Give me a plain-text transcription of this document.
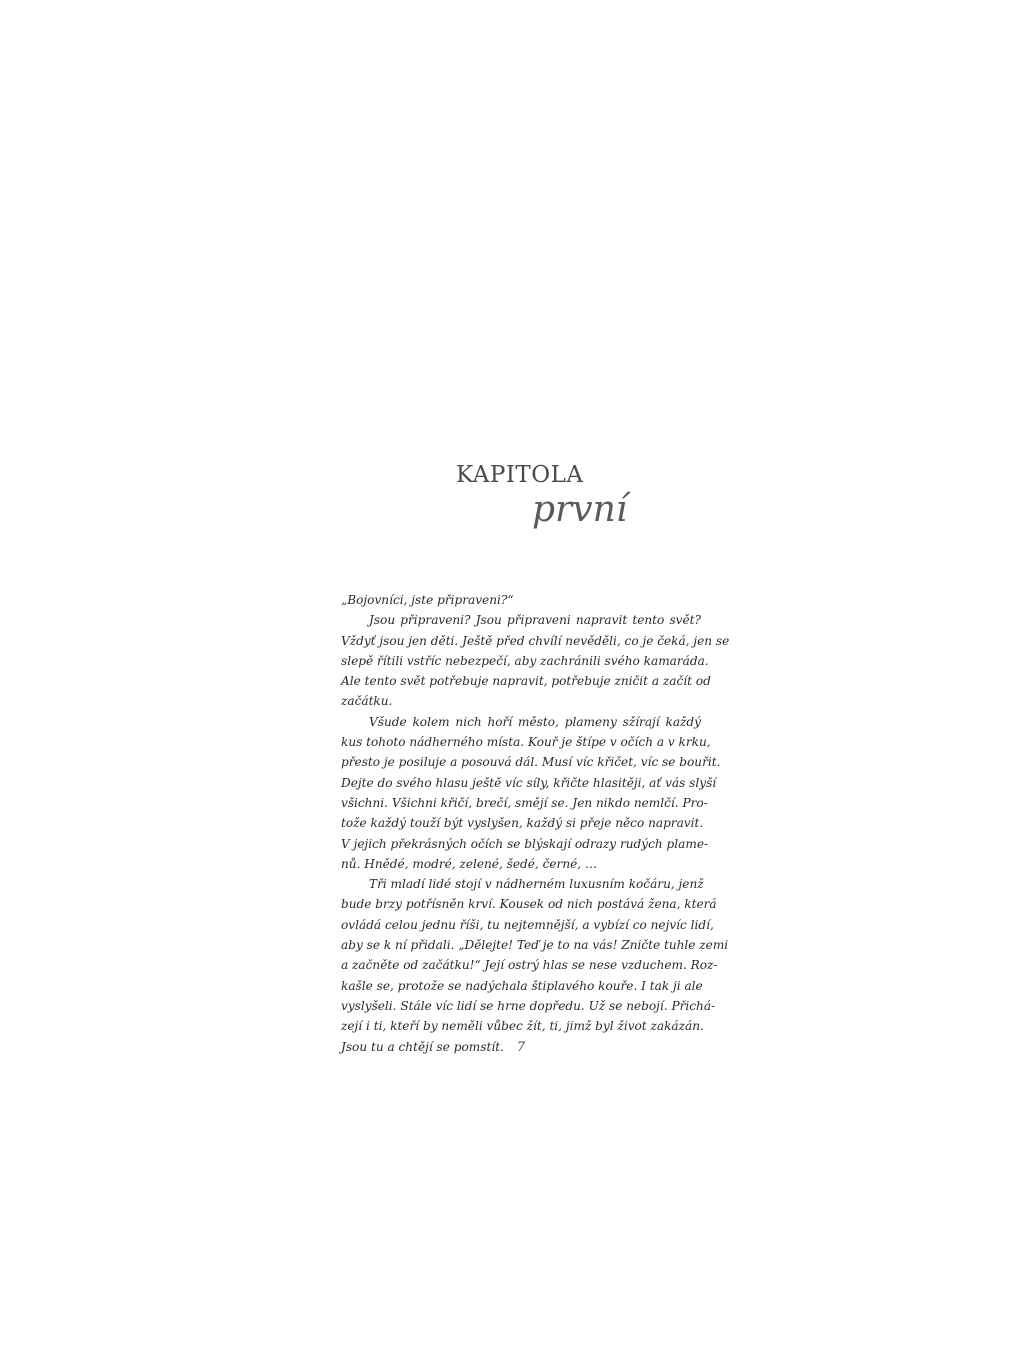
KAPITOLA
první
„Bojovníci, jste připraveni?“
Jsou připraveni? Jsou připraveni napravit tento svět?
Vždyť jsou jen děti. Ještě před chvílí nevěděli, co je čeká, jen se
slepě řítili vstříc nebezpečí, aby zachránili svého kamaráda.
Ale tento svět potřebuje napravit, potřebuje zničit a začít od
začátku.
Všude kolem nich hoří město, plameny sžírají každý
kus tohoto nádherného místa. Kouř je štípe v očích a v krku,
přesto je posiluje a posouvá dál. Musí víc křičet, víc se bouřit.
Dejte do svého hlasu ještě víc síly, křičte hlasitěji, ať vás slyší
všichni. Všichni křičí, brečí, smějí se. Jen nikdo nemlčí. Pro-
tože každý touží být vyslyšen, každý si přeje něco napravit.
V jejich překrásných očích se blýskají odrazy rudých plame-
nů. Hnědé, modré, zelené, šedé, černé, …
Tři mladí lidé stojí v nádherném luxusním kočáru, jenž
bude brzy potřísněn krví. Kousek od nich postává žena, která
ovládá celou jednu říši, tu nejtemnější, a vybízí co nejvíc lidí,
aby se k ní přidali. „Dělejte! Teď je to na vás! Zničte tuhle zemi
a začněte od začátku!“ Její ostrý hlas se nese vzduchem. Roz-
kašle se, protože se nadýchala štiplavého kouře. I tak ji ale
vyslyšeli. Stále víc lidí se hrne dopředu. Už se nebojí. Přichá-
zejí i ti, kteří by neměli vůbec žít, ti, jimž byl život zakázán.
Jsou tu a chtějí se pomstít. 7
